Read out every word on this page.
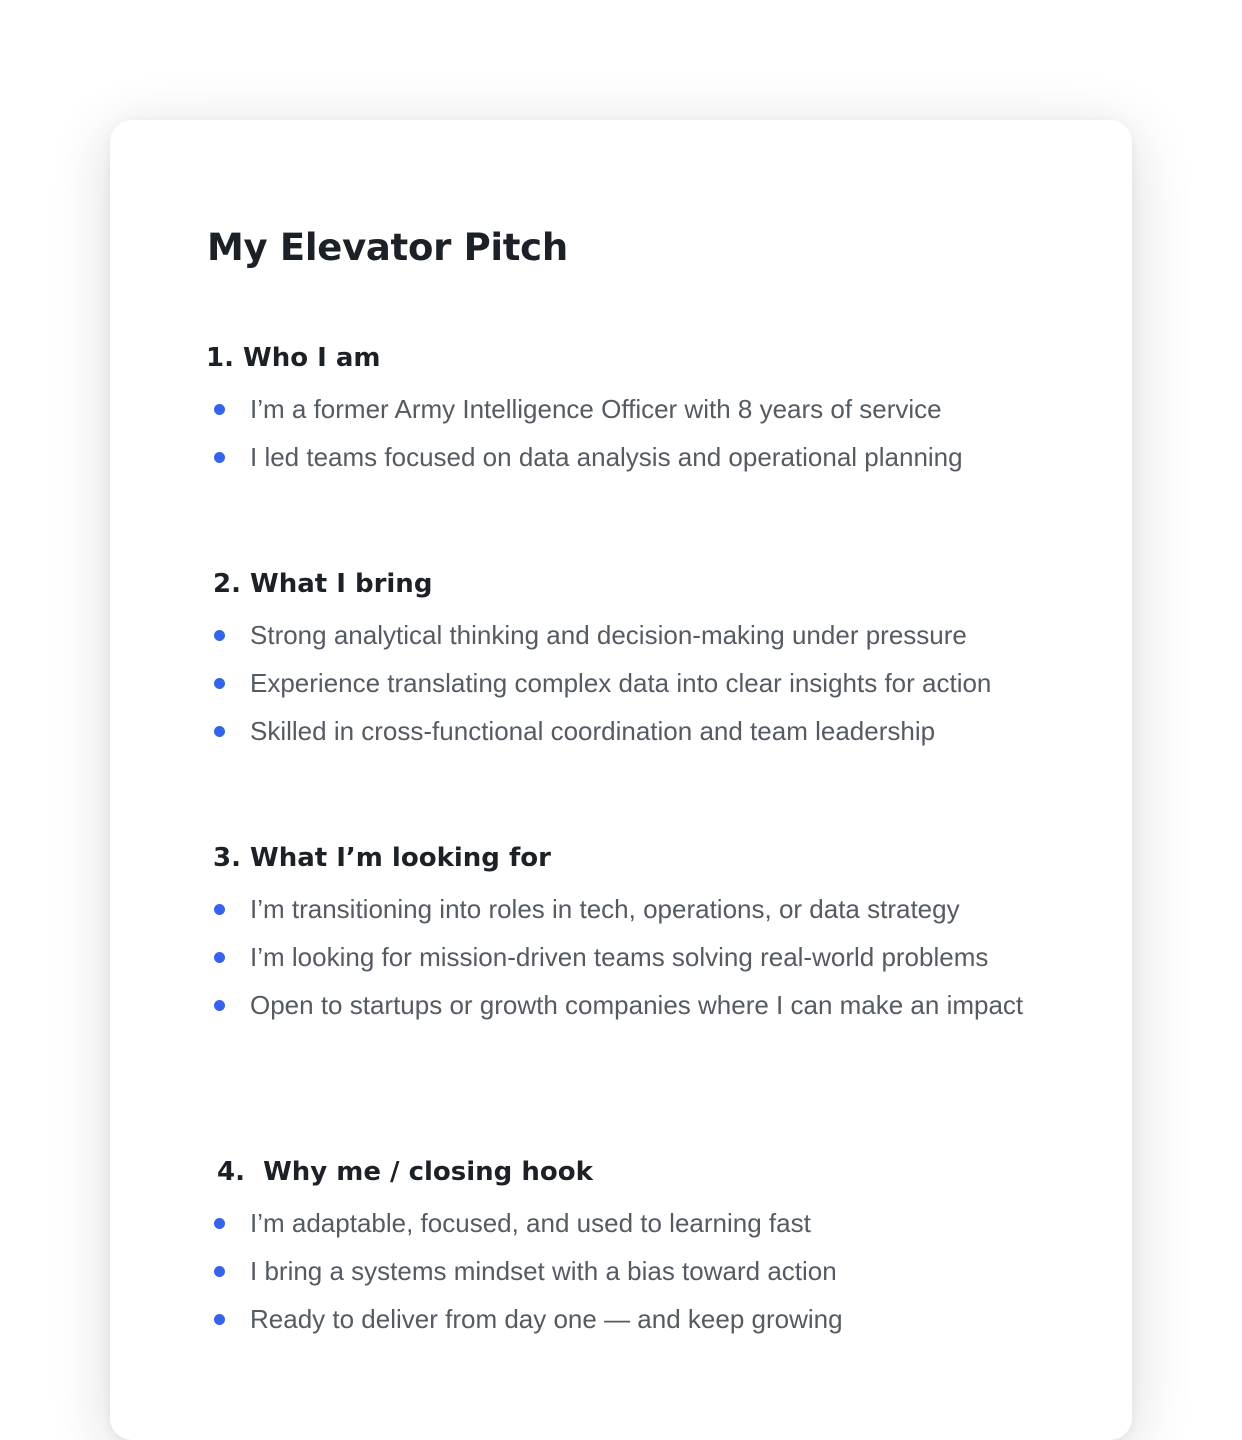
My Elevator Pitch
1. Who I am
I’m a former Army Intelligence Officer with 8 years of service
I led teams focused on data analysis and operational planning
2. What I bring
Strong analytical thinking and decision-making under pressure
Experience translating complex data into clear insights for action
Skilled in cross-functional coordination and team leadership
3. What I’m looking for
I’m transitioning into roles in tech, operations, or data strategy
I’m looking for mission-driven teams solving real-world problems
Open to startups or growth companies where I can make an impact
4.  Why me / closing hook
I’m adaptable, focused, and used to learning fast
I bring a systems mindset with a bias toward action
Ready to deliver from day one — and keep growing
